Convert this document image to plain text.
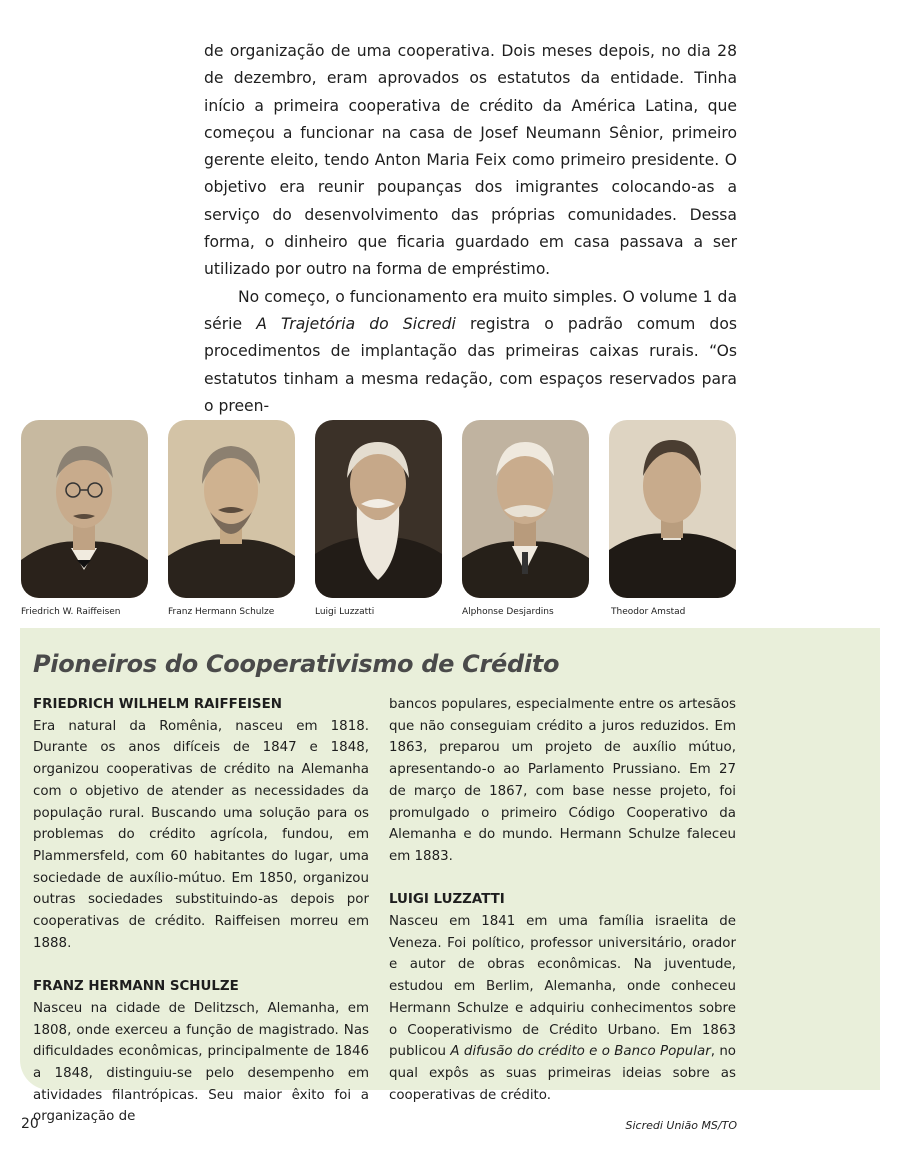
de organização de uma cooperativa. Dois meses depois, no dia 28 de dezembro, eram aprovados os estatutos da entidade. Tinha início a primeira cooperativa de crédito da América Latina, que começou a funcionar na casa de Josef Neumann Sênior, primeiro gerente eleito, tendo Anton Maria Feix como primeiro presidente. O objetivo era reunir poupanças dos imigrantes colocando-as a serviço do desenvolvimento das próprias comunidades. Dessa forma, o dinheiro que ficaria guardado em casa passava a ser utilizado por outro na forma de empréstimo.

No começo, o funcionamento era muito simples. O volume 1 da série A Trajetória do Sicredi registra o padrão comum dos procedimentos de implantação das primeiras caixas rurais. “Os estatutos tinham a mesma redação, com espaços reservados para o preen-

Friedrich W. Raiffeisen	Franz Hermann Schulze	Luigi Luzzatti	Alphonse Desjardins	Theodor Amstad
Pioneiros do Cooperativismo de Crédito
FRIEDRICH WILHELM RAIFFEISEN

Era natural da Romênia, nasceu em 1818. Durante os anos difíceis de 1847 e 1848, organizou cooperativas de crédito na Alemanha com o objetivo de atender as necessidades da população rural. Buscando uma solução para os problemas do crédito agrícola, fundou, em Plammersfeld, com 60 habitantes do lugar, uma sociedade de auxílio-mútuo. Em 1850, organizou outras sociedades substituindo-as depois por cooperativas de crédito. Raiffeisen morreu em 1888.

FRANZ HERMANN SCHULZE

Nasceu na cidade de Delitzsch, Alemanha, em 1808, onde exerceu a função de magistrado. Nas dificuldades econômicas, principalmente de 1846 a 1848, distinguiu-se pelo desempenho em atividades filantrópicas. Seu maior êxito foi a organização de

bancos populares, especialmente entre os artesãos que não conseguiam crédito a juros reduzidos. Em 1863, preparou um projeto de auxílio mútuo, apresentando-o ao Parlamento Prussiano. Em 27 de março de 1867, com base nesse projeto, foi promulgado o primeiro Código Cooperativo da Alemanha e do mundo. Hermann Schulze faleceu em 1883.

LUIGI LUZZATTI

Nasceu em 1841 em uma família israelita de Veneza. Foi político, professor universitário, orador e autor de obras econômicas. Na juventude, estudou em Berlim, Alemanha, onde conheceu Hermann Schulze e adquiriu conhecimentos sobre o Cooperativismo de Crédito Urbano. Em 1863 publicou A difusão do crédito e o Banco Popular, no qual expôs as suas primeiras ideias sobre as cooperativas de crédito.

20	Sicredi União MS/TO
